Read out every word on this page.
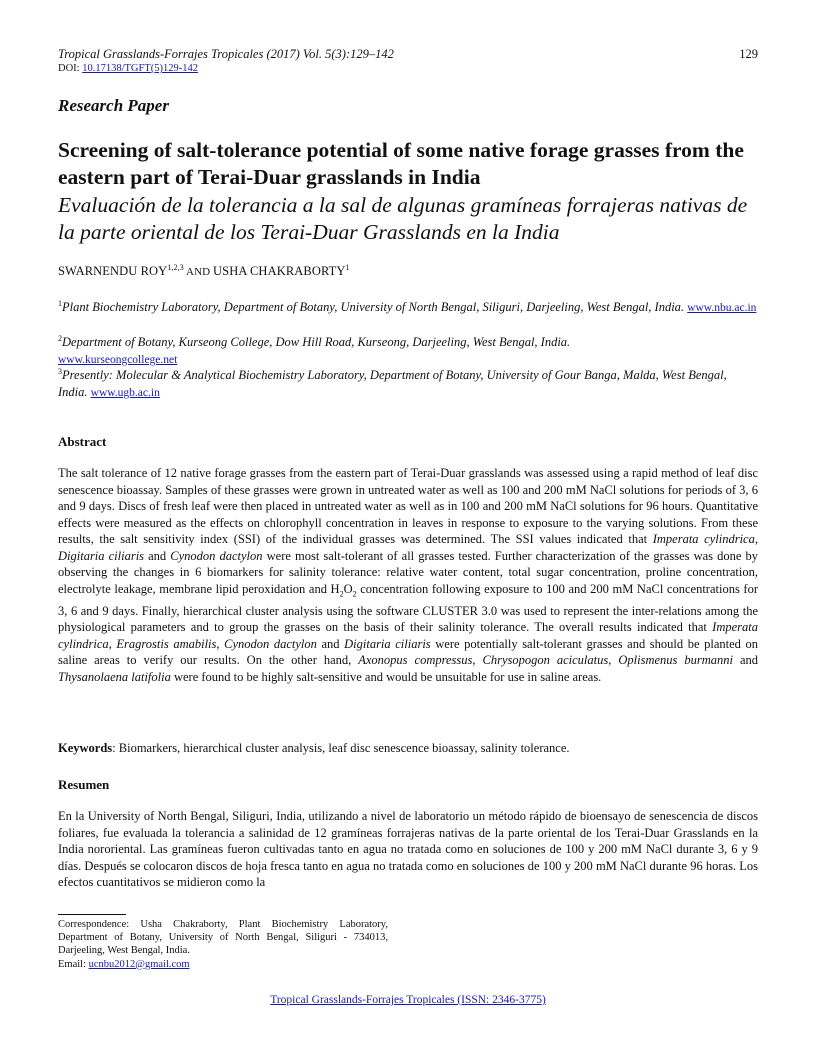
Tropical Grasslands-Forrajes Tropicales (2017) Vol. 5(3):129–142	129
DOI: 10.17138/TGFT(5)129-142
Research Paper
Screening of salt-tolerance potential of some native forage grasses from the eastern part of Terai-Duar grasslands in India
Evaluación de la tolerancia a la sal de algunas gramíneas forrajeras nativas de la parte oriental de los Terai-Duar Grasslands en la India
SWARNENDU ROY$^{1,2,3}$ AND USHA CHAKRABORTY$^1$
$^1$Plant Biochemistry Laboratory, Department of Botany, University of North Bengal, Siliguri, Darjeeling, West Bengal, India. www.nbu.ac.in
$^2$Department of Botany, Kurseong College, Dow Hill Road, Kurseong, Darjeeling, West Bengal, India.
www.kurseongcollege.net
$^3$Presently: Molecular & Analytical Biochemistry Laboratory, Department of Botany, University of Gour Banga, Malda, West Bengal, India. www.ugb.ac.in
Abstract
The salt tolerance of 12 native forage grasses from the eastern part of Terai-Duar grasslands was assessed using a rapid method of leaf disc senescence bioassay. Samples of these grasses were grown in untreated water as well as 100 and 200 mM NaCl solutions for periods of 3, 6 and 9 days. Discs of fresh leaf were then placed in untreated water as well as in 100 and 200 mM NaCl solutions for 96 hours. Quantitative effects were measured as the effects on chlorophyll concentration in leaves in response to exposure to the varying solutions. From these results, the salt sensitivity index (SSI) of the individual grasses was determined. The SSI values indicated that Imperata cylindrica, Digitaria ciliaris and Cynodon dactylon were most salt-tolerant of all grasses tested. Further characterization of the grasses was done by observing the changes in 6 biomarkers for salinity tolerance: relative water content, total sugar concentration, proline concentration, electrolyte leakage, membrane lipid peroxidation and $H_2O_2$ concentration following exposure to 100 and 200 mM NaCl concentrations for 3, 6 and 9 days. Finally, hierarchical cluster analysis using the software CLUSTER 3.0 was used to represent the inter-relations among the physiological parameters and to group the grasses on the basis of their salinity tolerance. The overall results indicated that Imperata cylindrica, Eragrostis amabilis, Cynodon dactylon and Digitaria ciliaris were potentially salt-tolerant grasses and should be planted on saline areas to verify our results. On the other hand, Axonopus compressus, Chrysopogon aciculatus, Oplismenus burmanni and Thysanolaena latifolia were found to be highly salt-sensitive and would be unsuitable for use in saline areas.
Keywords: Biomarkers, hierarchical cluster analysis, leaf disc senescence bioassay, salinity tolerance.
Resumen
En la University of North Bengal, Siliguri, India, utilizando a nivel de laboratorio un método rápido de bioensayo de senescencia de discos foliares, fue evaluada la tolerancia a salinidad de 12 gramíneas forrajeras nativas de la parte oriental de los Terai-Duar Grasslands en la India nororiental. Las gramíneas fueron cultivadas tanto en agua no tratada como en soluciones de 100 y 200 mM NaCl durante 3, 6 y 9 días. Después se colocaron discos de hoja fresca tanto en agua no tratada como en soluciones de 100 y 200 mM NaCl durante 96 horas. Los efectos cuantitativos se midieron como la
Correspondence: Usha Chakraborty, Plant Biochemistry Laboratory, Department of Botany, University of North Bengal, Siliguri - 734013, Darjeeling, West Bengal, India.
Email: ucnbu2012@gmail.com
Tropical Grasslands-Forrajes Tropicales (ISSN: 2346-3775)
